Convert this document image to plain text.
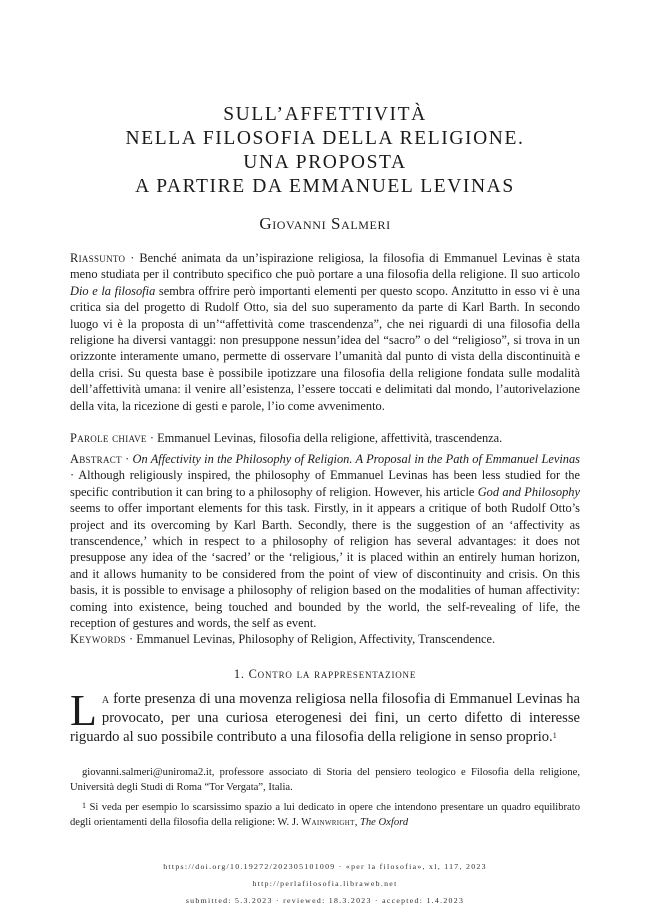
SULL’AFFETTIVITÀ
NELLA FILOSOFIA DELLA RELIGIONE.
UNA PROPOSTA
A PARTIRE DA EMMANUEL LEVINAS
Giovanni Salmeri

Riassunto · Benché animata da un’ispirazione religiosa, la filosofia di Emmanuel Levinas è stata meno studiata per il contributo specifico che può portare a una filosofia della religione. Il suo articolo Dio e la filosofia sembra offrire però importanti elementi per questo scopo. Anzitutto in esso vi è una critica sia del progetto di Rudolf Otto, sia del suo superamento da parte di Karl Barth. In secondo luogo vi è la proposta di un’“affettività come trascendenza”, che nei riguardi di una filosofia della religione ha diversi vantaggi: non presuppone nessun’idea del “sacro” o del “religioso”, si trova in un orizzonte interamente umano, permette di osservare l’umanità dal punto di vista della discontinuità e della crisi. Su questa base è possibile ipotizzare una filosofia della religione fondata sulle modalità dell’affettività umana: il venire all’esistenza, l’essere toccati e delimitati dal mondo, l’autorivelazione della vita, la ricezione di gesti e parole, l’io come avvenimento.

Parole chiave · Emmanuel Levinas, filosofia della religione, affettività, trascendenza.

Abstract · On Affectivity in the Philosophy of Religion. A Proposal in the Path of Emmanuel Levinas · Although religiously inspired, the philosophy of Emmanuel Levinas has been less studied for the specific contribution it can bring to a philosophy of religion. However, his article God and Philosophy seems to offer important elements for this task. Firstly, in it appears a critique of both Rudolf Otto’s project and its overcoming by Karl Barth. Secondly, there is the suggestion of an ‘affectivity as transcendence,’ which in respect to a philosophy of religion has several advantages: it does not presuppose any idea of the ‘sacred’ or the ‘religious,’ it is placed within an entirely human horizon, and it allows humanity to be considered from the point of view of discontinuity and crisis. On this basis, it is possible to envisage a philosophy of religion based on the modalities of human affectivity: coming into existence, being touched and bounded by the world, the self-revealing of life, the reception of gestures and words, the self as event.

Keywords · Emmanuel Levinas, Philosophy of Religion, Affectivity, Transcendence.

1. Contro la rappresentazione
La forte presenza di una movenza religiosa nella filosofia di Emmanuel Levinas ha provocato, per una curiosa eterogenesi dei fini, un certo difetto di interesse riguardo al suo possibile contributo a una filosofia della religione in senso proprio.$^1$

giovanni.salmeri@uniroma2.it, professore associato di Storia del pensiero teologico e Filosofia della religione, Università degli Studi di Roma “Tor Vergata”, Italia.

$^1$ Si veda per esempio lo scarsissimo spazio a lui dedicato in opere che intendono presentare un quadro equilibrato degli orientamenti della filosofia della religione: W. J. Wainwright, The Oxford

https://doi.org/10.19272/202305101009 · «per la filosofia», xl, 117, 2023
http://perlafilosofia.libraweb.net
submitted: 5.3.2023 · reviewed: 18.3.2023 · accepted: 1.4.2023
